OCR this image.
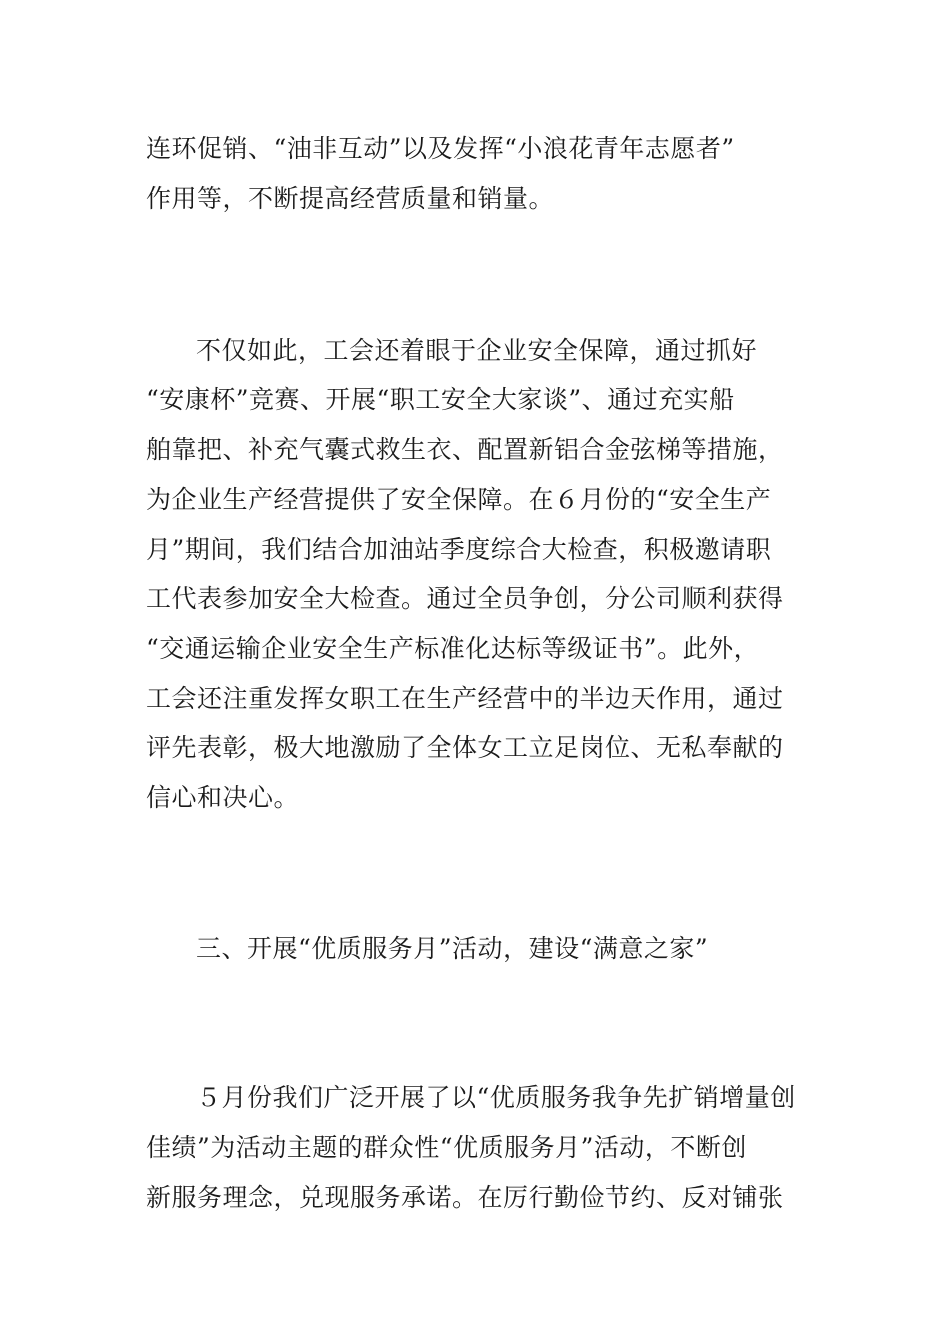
连环促销、“油非互动”以及发挥“小浪花青年志愿者”
作用等，不断提高经营质量和销量。
不仅如此，工会还着眼于企业安全保障，通过抓好
“安康杯”竞赛、开展“职工安全大家谈”、通过充实船
舶靠把、补充气囊式救生衣、配置新铝合金弦梯等措施，
为企业生产经营提供了安全保障。在６月份的“安全生产
月”期间，我们结合加油站季度综合大检查，积极邀请职
工代表参加安全大检查。通过全员争创，分公司顺利获得
“交通运输企业安全生产标准化达标等级证书”。此外，
工会还注重发挥女职工在生产经营中的半边天作用，通过
评先表彰，极大地激励了全体女工立足岗位、无私奉献的
信心和决心。
三、开展“优质服务月”活动，建设“满意之家”
５月份我们广泛开展了以“优质服务我争先扩销增量创
佳绩”为活动主题的群众性“优质服务月”活动，不断创
新服务理念，兑现服务承诺。在厉行勤俭节约、反对铺张
